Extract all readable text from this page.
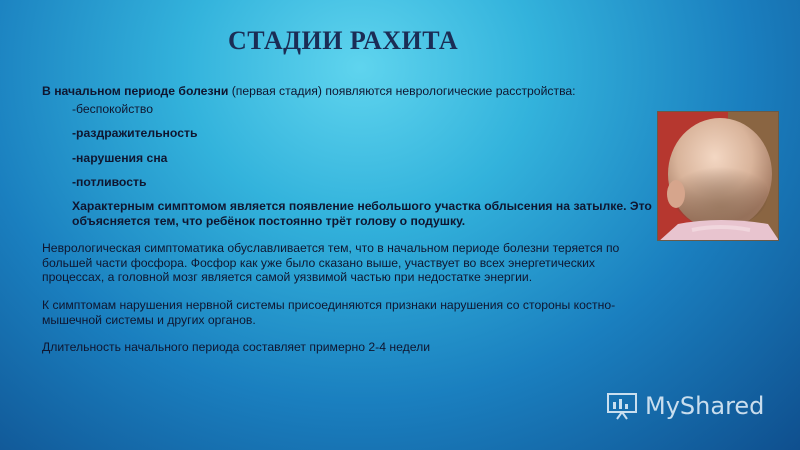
СТАДИИ РАХИТА

В начальном периоде болезни (первая стадия) появляются неврологические расстройства:

-беспокойство
-раздражительность
-нарушения сна
-потливость

Характерным симптомом является появление небольшого участка облысения на затылке. Это объясняется тем, что ребёнок постоянно трёт голову о подушку.

Неврологическая симптоматика обуславливается тем, что в начальном периоде болезни теряется по большей части фосфора. Фосфор как уже было сказано выше, участвует во всех энергетических процессах, а головной мозг является самой уязвимой частью при недостатке энергии.

К симптомам нарушения нервной системы присоединяются признаки нарушения со стороны костно-мышечной системы и других органов.

Длительность начального периода составляет примерно 2-4 недели

MyShared
